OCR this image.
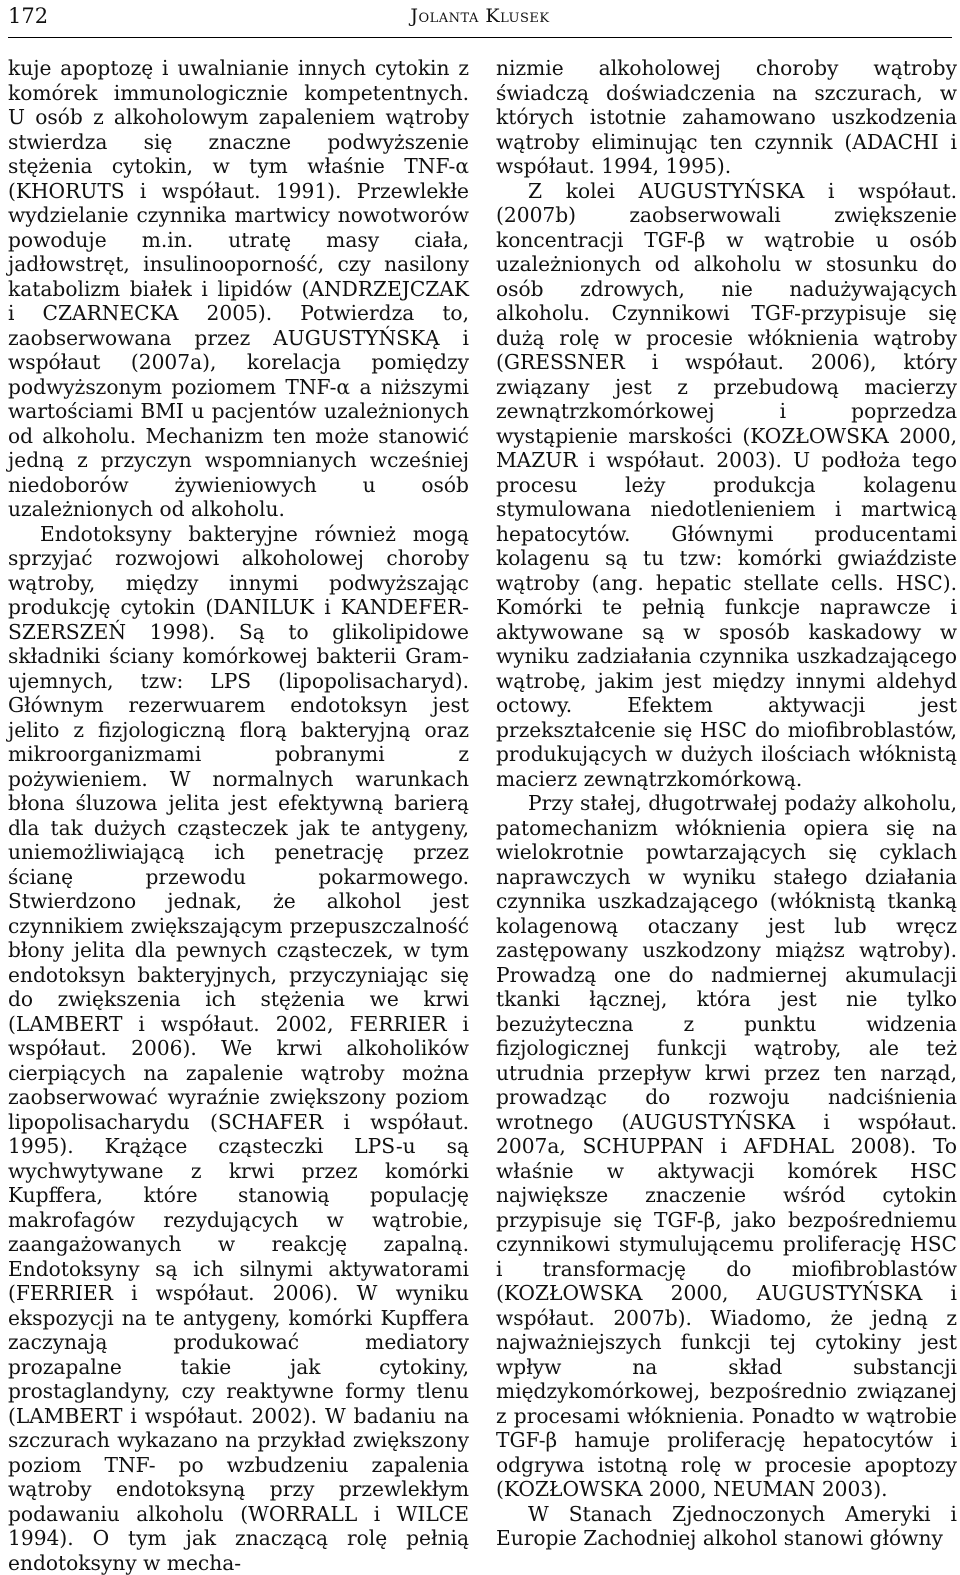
172	Jolanta Klusek

kuje apoptozę i uwalnianie innych cytokin z komórek immunologicznie kompetentnych. U osób z alkoholowym zapaleniem wątroby stwierdza się znaczne podwyższenie stężenia cytokin, w tym właśnie TNF-α (KHORUTS i współaut. 1991). Przewlekłe wydzielanie czynnika martwicy nowotworów powoduje m.in. utratę masy ciała, jadłowstręt, insulinooporność, czy nasilony katabolizm białek i lipidów (ANDRZEJCZAK i CZARNECKA 2005). Potwierdza to, zaobserwowana przez AUGUSTYŃSKĄ i współaut (2007a), korelacja pomiędzy podwyższonym poziomem TNF-α a niższymi wartościami BMI u pacjentów uzależnionych od alkoholu. Mechanizm ten może stanowić jedną z przyczyn wspomnianych wcześniej niedoborów żywieniowych u osób uzależnionych od alkoholu.

Endotoksyny bakteryjne również mogą sprzyjać rozwojowi alkoholowej choroby wątroby, między innymi podwyższając produkcję cytokin (DANILUK i KANDEFER-SZERSZEŃ 1998). Są to glikolipidowe składniki ściany komórkowej bakterii Gram-ujemnych, tzw: LPS (lipopolisacharyd). Głównym rezerwuarem endotoksyn jest jelito z fizjologiczną florą bakteryjną oraz mikroorganizmami pobranymi z pożywieniem. W normalnych warunkach błona śluzowa jelita jest efektywną barierą dla tak dużych cząsteczek jak te antygeny, uniemożliwiającą ich penetrację przez ścianę przewodu pokarmowego. Stwierdzono jednak, że alkohol jest czynnikiem zwiększającym przepuszczalność błony jelita dla pewnych cząsteczek, w tym endotoksyn bakteryjnych, przyczyniając się do zwiększenia ich stężenia we krwi (LAMBERT i współaut. 2002, FERRIER i współaut. 2006). We krwi alkoholików cierpiących na zapalenie wątroby można zaobserwować wyraźnie zwiększony poziom lipopolisacharydu (SCHAFER i współaut. 1995). Krążące cząsteczki LPS-u są wychwytywane z krwi przez komórki Kupffera, które stanowią populację makrofagów rezydujących w wątrobie, zaangażowanych w reakcję zapalną. Endotoksyny są ich silnymi aktywatorami (FERRIER i współaut. 2006). W wyniku ekspozycji na te antygeny, komórki Kupffera zaczynają produkować mediatory prozapalne takie jak cytokiny, prostaglandyny, czy reaktywne formy tlenu (LAMBERT i współaut. 2002). W badaniu na szczurach wykazano na przykład zwiększony poziom TNF- po wzbudzeniu zapalenia wątroby endotoksyną przy przewlekłym podawaniu alkoholu (WORRALL i WILCE 1994). O tym jak znaczącą rolę pełnią endotoksyny w mecha-

nizmie alkoholowej choroby wątroby świadczą doświadczenia na szczurach, w których istotnie zahamowano uszkodzenia wątroby eliminując ten czynnik (ADACHI i współaut. 1994, 1995).

Z kolei AUGUSTYŃSKA i współaut. (2007b) zaobserwowali zwiększenie koncentracji TGF-β w wątrobie u osób uzależnionych od alkoholu w stosunku do osób zdrowych, nie nadużywających alkoholu. Czynnikowi TGF-przypisuje się dużą rolę w procesie włóknienia wątroby (GRESSNER i współaut. 2006), który związany jest z przebudową macierzy zewnątrzkomórkowej i poprzedza wystąpienie marskości (KOZŁOWSKA 2000, MAZUR i współaut. 2003). U podłoża tego procesu leży produkcja kolagenu stymulowana niedotlenieniem i martwicą hepatocytów. Głównymi producentami kolagenu są tu tzw: komórki gwiaździste wątroby (ang. hepatic stellate cells. HSC). Komórki te pełnią funkcje naprawcze i aktywowane są w sposób kaskadowy w wyniku zadziałania czynnika uszkadzającego wątrobę, jakim jest między innymi aldehyd octowy. Efektem aktywacji jest przekształcenie się HSC do miofibroblastów, produkujących w dużych ilościach włóknistą macierz zewnątrzkomórkową.

Przy stałej, długotrwałej podaży alkoholu, patomechanizm włóknienia opiera się na wielokrotnie powtarzających się cyklach naprawczych w wyniku stałego działania czynnika uszkadzającego (włóknistą tkanką kolagenową otaczany jest lub wręcz zastępowany uszkodzony miąższ wątroby). Prowadzą one do nadmiernej akumulacji tkanki łącznej, która jest nie tylko bezużyteczna z punktu widzenia fizjologicznej funkcji wątroby, ale też utrudnia przepływ krwi przez ten narząd, prowadząc do rozwoju nadciśnienia wrotnego (AUGUSTYŃSKA i współaut. 2007a, SCHUPPAN i AFDHAL 2008). To właśnie w aktywacji komórek HSC największe znaczenie wśród cytokin przypisuje się TGF-β, jako bezpośredniemu czynnikowi stymulującemu proliferację HSC i transformację do miofibroblastów (KOZŁOWSKA 2000, AUGUSTYŃSKA i współaut. 2007b). Wiadomo, że jedną z najważniejszych funkcji tej cytokiny jest wpływ na skład substancji międzykomórkowej, bezpośrednio związanej z procesami włóknienia. Ponadto w wątrobie TGF-β hamuje proliferację hepatocytów i odgrywa istotną rolę w procesie apoptozy (KOZŁOWSKA 2000, NEUMAN 2003).

W Stanach Zjednoczonych Ameryki i Europie Zachodniej alkohol stanowi główny
